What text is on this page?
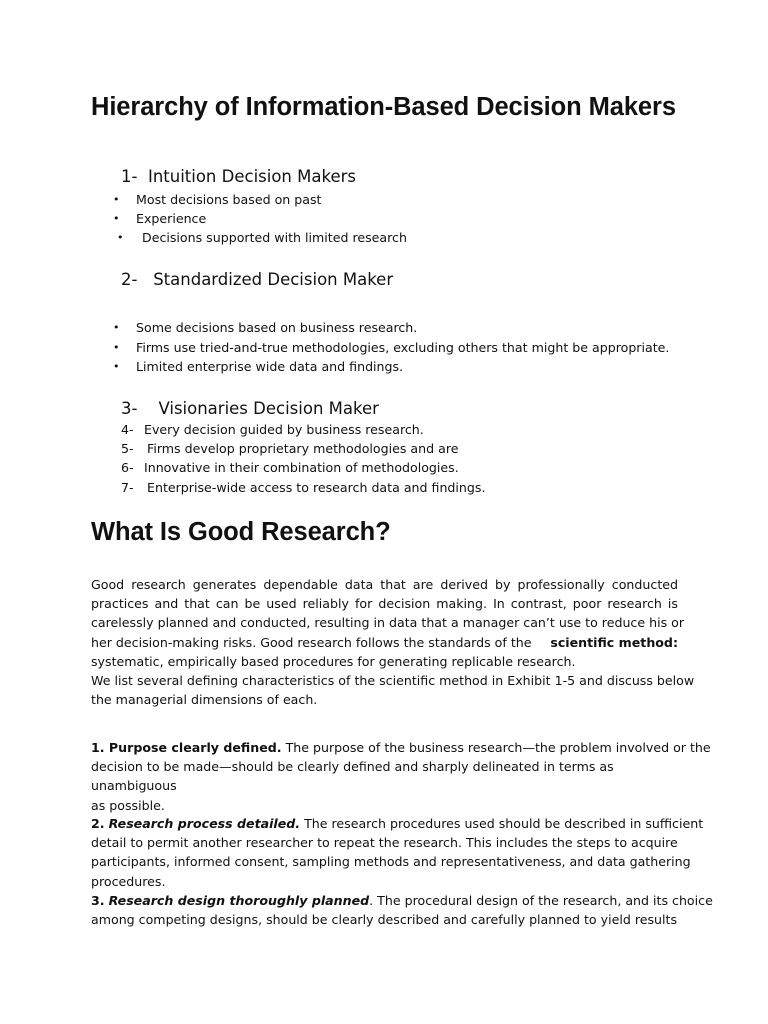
Hierarchy of Information-Based Decision Makers
1- Intuition Decision Makers
• Most decisions based on past
• Experience
• Decisions supported with limited research
2- Standardized Decision Maker
• Some decisions based on business research.
• Firms use tried-and-true methodologies, excluding others that might be appropriate.
• Limited enterprise wide data and findings.
3- Visionaries Decision Maker
4- Every decision guided by business research.
5- Firms develop proprietary methodologies and are
6- Innovative in their combination of methodologies.
7- Enterprise-wide access to research data and findings.
What Is Good Research?
Good research generates dependable data that are derived by professionally conducted
practices and that can be used reliably for decision making. In contrast, poor research is
carelessly planned and conducted, resulting in data that a manager can’t use to reduce his or
her decision-making risks. Good research follows the standards of the scientific method:
systematic, empirically based procedures for generating replicable research.
We list several defining characteristics of the scientific method in Exhibit 1-5 and discuss below
the managerial dimensions of each.
1. Purpose clearly defined. The purpose of the business research—the problem involved or the
decision to be made—should be clearly defined and sharply delineated in terms as
unambiguous
as possible.
2. Research process detailed. The research procedures used should be described in sufficient
detail to permit another researcher to repeat the research. This includes the steps to acquire
participants, informed consent, sampling methods and representativeness, and data gathering
procedures.
3. Research design thoroughly planned. The procedural design of the research, and its choice
among competing designs, should be clearly described and carefully planned to yield results
